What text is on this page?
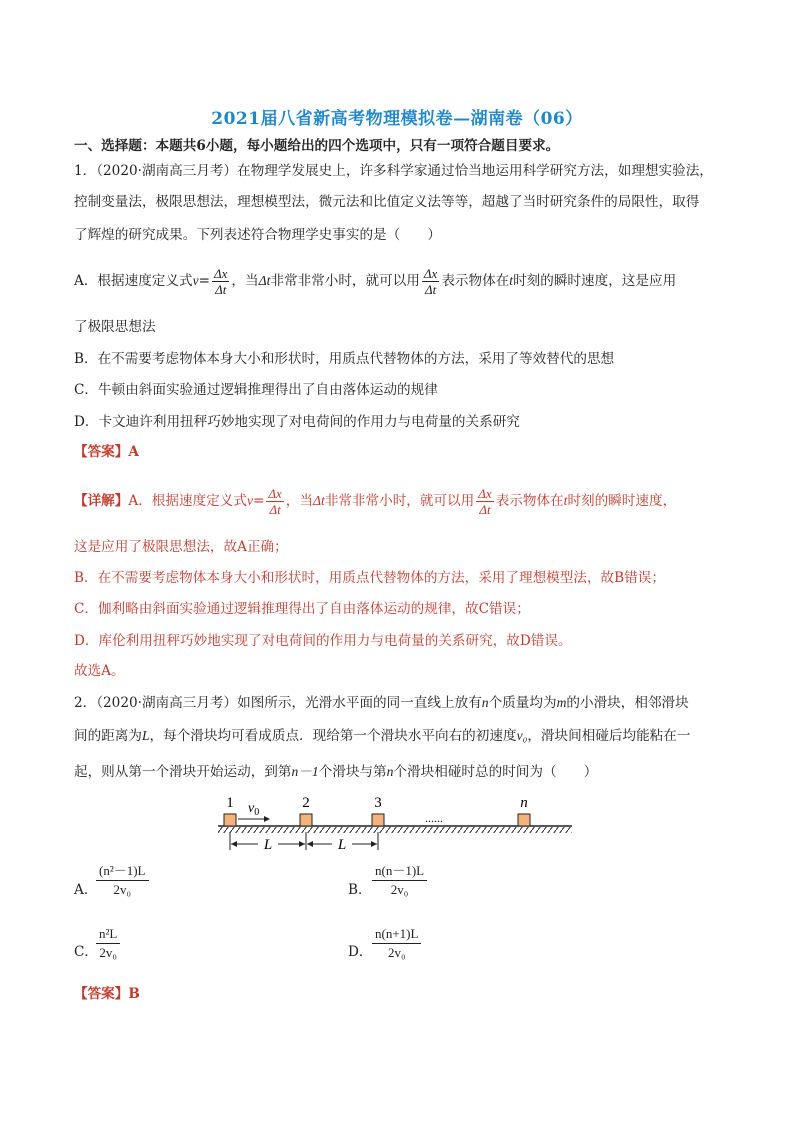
2021届八省新高考物理模拟卷—湖南卷（06）
一、选择题：本题共6小题，每小题给出的四个选项中，只有一项符合题目要求。
1．（2020·湖南高三月考）在物理学发展史上，许多科学家通过恰当地运用科学研究方法，如理想实验法，
控制变量法，极限思想法，理想模型法，微元法和比值定义法等等，超越了当时研究条件的局限性，取得
了辉煌的研究成果。下列表述符合物理学史事实的是（　　）
A．根据速度定义式$v= \frac{\Delta x}{\Delta t}$ ，当Δt非常非常小时，就可以用 $\frac{\Delta x}{\Delta t}$ 表示物体在t时刻的瞬时速度，这是应用
了极限思想法
B．在不需要考虑物体本身大小和形状时，用质点代替物体的方法，采用了等效替代的思想
C．牛顿由斜面实验通过逻辑推理得出了自由落体运动的规律
D．卡文迪许利用扭秤巧妙地实现了对电荷间的作用力与电荷量的关系研究
【答案】A
【详解】A．根据速度定义式$v= \frac{\Delta x}{\Delta t}$ ，当Δt非常非常小时，就可以用 $\frac{\Delta x}{\Delta t}$ 表示物体在t时刻的瞬时速度，
这是应用了极限思想法，故A正确；
B．在不需要考虑物体本身大小和形状时，用质点代替物体的方法，采用了理想模型法，故B错误；
C．伽利略由斜面实验通过逻辑推理得出了自由落体运动的规律，故C错误；
D．库伦利用扭秤巧妙地实现了对电荷间的作用力与电荷量的关系研究，故D错误。
故选A。
2．（2020·湖南高三月考）如图所示，光滑水平面的同一直线上放有n个质量均为m的小滑块，相邻滑块
间的距离为L，每个滑块均可看成质点．现给第一个滑块水平向右的初速度v₀，滑块间相碰后均能粘在一
起，则从第一个滑块开始运动，到第n－1个滑块与第n个滑块相碰时总的时间为（　　）
1	2	3	n
......
$v_0$
L	L
A．
$\frac{\text{(n²－1)L}}{\text{2v₀}}$	B． $\frac{n(n-1)L}{\text{2v₀}}$
C．
$\frac{\text{n²L}}{\text{2v₀}}$	D． $\frac{n(n+1)L}{\text{2v₀}}$
【答案】B
